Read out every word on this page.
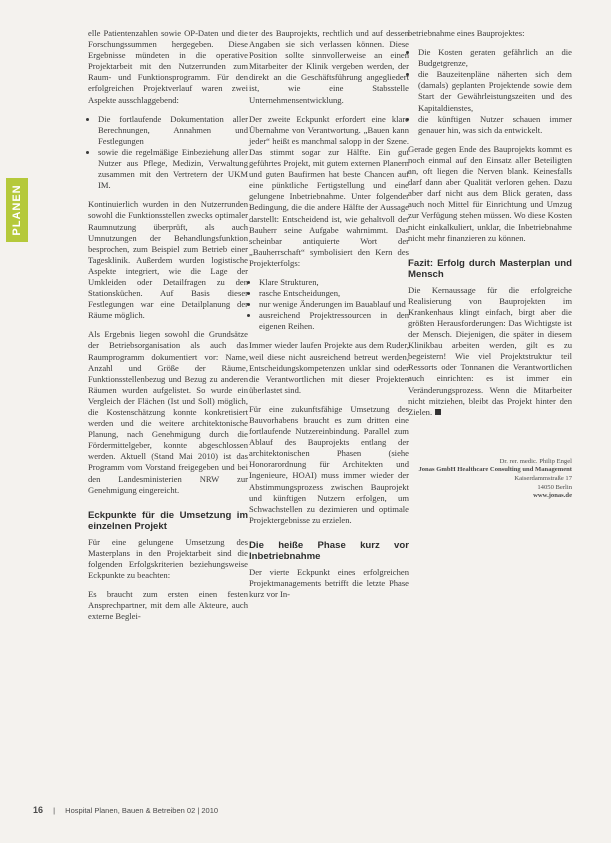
PLANEN

elle Patientenzahlen sowie OP-Daten und die Forschungssummen hergegeben. Diese Ergebnisse mündeten in die operative Projektarbeit mit den Nutzerrunden zum Raum- und Funktionsprogramm. Für den erfolgreichen Projektverlauf waren zwei Aspekte ausschlaggebend:

• Die fortlaufende Dokumentation aller Berechnungen, Annahmen und Festlegungen
• sowie die regelmäßige Einbeziehung aller Nutzer aus Pflege, Medizin, Verwaltung zusammen mit den Vertretern der UKM IM.

Kontinuierlich wurden in den Nutzerrunden sowohl die Funktionsstellen zwecks optimaler Raumnutzung überprüft, als auch Umnutzungen der Behandlungsfunktion besprochen, zum Beispiel zum Betrieb einer Tagesklinik. Außerdem wurden logistische Aspekte integriert, wie die Lage der Umkleiden oder Detailfragen zu den Stationsküchen. Auf Basis dieser Festlegungen war eine Detailplanung der Räume möglich.

Als Ergebnis liegen sowohl die Grundsätze der Betriebsorganisation als auch das Raumprogramm dokumentiert vor: Name, Anzahl und Größe der Räume, Funktionsstellenbezug und Bezug zu anderen Räumen wurden aufgelistet. So wurde ein Vergleich der Flächen (Ist und Soll) möglich, die Kostenschätzung konnte konkretisiert werden und die weitere architektonische Planung, nach Genehmigung durch die Fördermittelgeber, konnte abgeschlossen werden. Aktuell (Stand Mai 2010) ist das Programm vom Vorstand freigegeben und bei den Landesministerien NRW zur Genehmigung eingereicht.

Eckpunkte für die Umsetzung im einzelnen Projekt

Für eine gelungene Umsetzung des Masterplans in den Projektarbeit sind die folgenden Erfolgskriterien beziehungsweise Eckpunkte zu beachten:

Es braucht zum ersten einen festen Ansprechpartner, mit dem alle Akteure, auch externe Beglei-

ter des Bauprojekts, rechtlich und auf dessen Angaben sie sich verlassen können. Diese Position sollte sinnvollerweise an einen Mitarbeiter der Klinik vergeben werden, der direkt an die Geschäftsführung angegliedert ist, wie eine Stabsstelle Unternehmensentwicklung.

Der zweite Eckpunkt erfordert eine klare Übernahme von Verantwortung. „Bauen kann jeder“ heißt es manchmal salopp in der Szene. Das stimmt sogar zur Hälfte. Ein gut geführtes Projekt, mit gutem externen Planern und guten Baufirmen hat beste Chancen auf eine pünktliche Fertigstellung und eine gelungene Inbetriebnahme. Unter folgender Bedingung, die die andere Hälfte der Aussage darstellt: Entscheidend ist, wie gehaltvoll der Bauherr seine Aufgabe wahrnimmt. Das scheinbar antiquierte Wort der „Bauherrschaft“ symbolisiert den Kern des Projekterfolgs:

• Klare Strukturen,
• rasche Entscheidungen,
• nur wenige Änderungen im Bauablauf und
• ausreichend Projektressourcen in den eigenen Reihen.

Immer wieder laufen Projekte aus dem Ruder, weil diese nicht ausreichend betreut werden, Entscheidungskompetenzen unklar sind oder die Verantwortlichen mit dieser Projekten überlastet sind.

Für eine zukunftsfähige Umsetzung des Bauvorhabens braucht es zum dritten eine fortlaufende Nutzereinbindung. Parallel zum Ablauf des Bauprojekts entlang der architektonischen Phasen (siehe Honorarordnung für Architekten und Ingenieure, HOAI) muss immer wieder der Abstimmungsprozess zwischen Bauprojekt und künftigen Nutzern erfolgen, um Schwachstellen zu dezimieren und optimale Projektergebnisse zu erzielen.

Die heiße Phase kurz vor Inbetriebnahme

Der vierte Eckpunkt eines erfolgreichen Projektmanagements betrifft die letzte Phase kurz vor In-

betriebnahme eines Bauprojektes:

• Die Kosten geraten gefährlich an die Budgetgrenze,
• die Bauzeitenpläne näherten sich dem (damals) geplanten Projektende sowie dem Start der Gewährleistungszeiten und des Kapitaldienstes,
• die künftigen Nutzer schauen immer genauer hin, was sich da entwickelt.

Gerade gegen Ende des Bauprojekts kommt es noch einmal auf den Einsatz aller Beteiligten an, oft liegen die Nerven blank. Keinesfalls darf dann aber Qualität verloren gehen. Dazu aber darf nicht aus dem Blick geraten, dass auch noch Mittel für Einrichtung und Umzug zur Verfügung stehen müssen. Wo diese Kosten nicht einkalkuliert, unklar, die Inbetriebnahme nicht mehr finanzieren zu können.

Fazit: Erfolg durch Masterplan und Mensch

Die Kernaussage für die erfolgreiche Realisierung von Bauprojekten im Krankenhaus klingt einfach, birgt aber die größten Herausforderungen: Das Wichtigste ist der Mensch. Diejenigen, die später in diesem Klinikbau arbeiten werden, gilt es zu begeistern! Wie viel Projektstruktur teil Ressorts oder Tonnanen die Verantwortlichen auch einrichten: es ist immer ein Veränderungsprozess. Wenn die Mitarbeiter nicht mitziehen, bleibt das Projekt hinter den Zielen.

Dr. rer. medic. Philip Engel
Jonas GmbH Healthcare Consulting und Management
Kaiserdammstraße 17
14050 Berlin
www.jonas.de
16 | Hospital Planen, Bauen & Betreiben 02 | 2010
